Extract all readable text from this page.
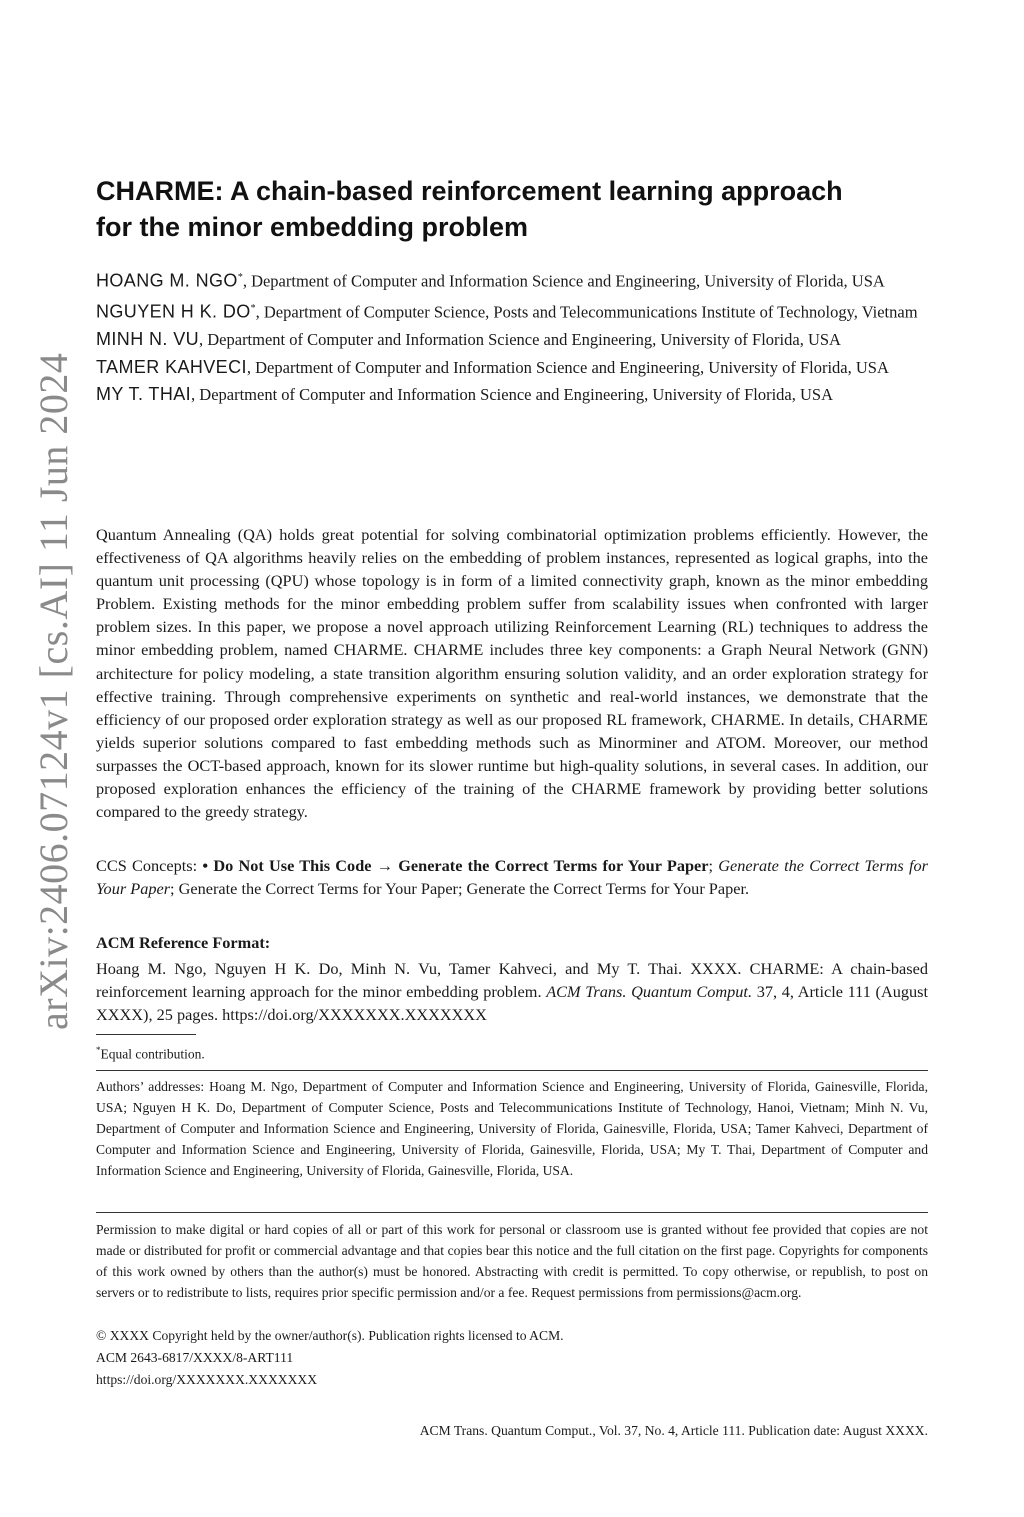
arXiv:2406.07124v1 [cs.AI] 11 Jun 2024
CHARME: A chain-based reinforcement learning approach
for the minor embedding problem

HOANG M. NGO*, Department of Computer and Information Science and Engineering, University of Florida, USA

NGUYEN H K. DO*, Department of Computer Science, Posts and Telecommunications Institute of Technology, Vietnam

MINH N. VU, Department of Computer and Information Science and Engineering, University of Florida, USA

TAMER KAHVECI, Department of Computer and Information Science and Engineering, University of Florida, USA

MY T. THAI, Department of Computer and Information Science and Engineering, University of Florida, USA

Quantum Annealing (QA) holds great potential for solving combinatorial optimization problems efficiently. However, the effectiveness of QA algorithms heavily relies on the embedding of problem instances, represented as logical graphs, into the quantum unit processing (QPU) whose topology is in form of a limited connectivity graph, known as the minor embedding Problem. Existing methods for the minor embedding problem suffer from scalability issues when confronted with larger problem sizes. In this paper, we propose a novel approach utilizing Reinforcement Learning (RL) techniques to address the minor embedding problem, named CHARME. CHARME includes three key components: a Graph Neural Network (GNN) architecture for policy modeling, a state transition algorithm ensuring solution validity, and an order exploration strategy for effective training. Through comprehensive experiments on synthetic and real-world instances, we demonstrate that the efficiency of our proposed order exploration strategy as well as our proposed RL framework, CHARME. In details, CHARME yields superior solutions compared to fast embedding methods such as Minorminer and ATOM. Moreover, our method surpasses the OCT-based approach, known for its slower runtime but high-quality solutions, in several cases. In addition, our proposed exploration enhances the efficiency of the training of the CHARME framework by providing better solutions compared to the greedy strategy.

CCS Concepts: • Do Not Use This Code → Generate the Correct Terms for Your Paper; Generate the Correct Terms for Your Paper; Generate the Correct Terms for Your Paper; Generate the Correct Terms for Your Paper.

ACM Reference Format:

Hoang M. Ngo, Nguyen H K. Do, Minh N. Vu, Tamer Kahveci, and My T. Thai. XXXX. CHARME: A chain-based reinforcement learning approach for the minor embedding problem. ACM Trans. Quantum Comput. 37, 4, Article 111 (August XXXX), 25 pages. https://doi.org/XXXXXXX.XXXXXXX

*Equal contribution.

Authors’ addresses: Hoang M. Ngo, Department of Computer and Information Science and Engineering, University of Florida, Gainesville, Florida, USA; Nguyen H K. Do, Department of Computer Science, Posts and Telecommunications Institute of Technology, Hanoi, Vietnam; Minh N. Vu, Department of Computer and Information Science and Engineering, University of Florida, Gainesville, Florida, USA; Tamer Kahveci, Department of Computer and Information Science and Engineering, University of Florida, Gainesville, Florida, USA; My T. Thai, Department of Computer and Information Science and Engineering, University of Florida, Gainesville, Florida, USA.

Permission to make digital or hard copies of all or part of this work for personal or classroom use is granted without fee provided that copies are not made or distributed for profit or commercial advantage and that copies bear this notice and the full citation on the first page. Copyrights for components of this work owned by others than the author(s) must be honored. Abstracting with credit is permitted. To copy otherwise, or republish, to post on servers or to redistribute to lists, requires prior specific permission and/or a fee. Request permissions from permissions@acm.org.

© XXXX Copyright held by the owner/author(s). Publication rights licensed to ACM.

ACM 2643-6817/XXXX/8-ART111

https://doi.org/XXXXXXX.XXXXXXX

ACM Trans. Quantum Comput., Vol. 37, No. 4, Article 111. Publication date: August XXXX.
